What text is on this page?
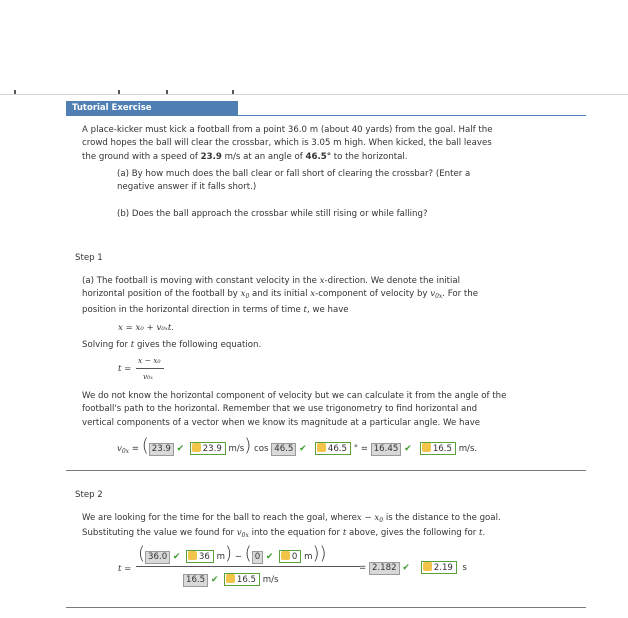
Tutorial Exercise
A place-kicker must kick a football from a point 36.0 m (about 40 yards) from the goal. Half the
crowd hopes the ball will clear the crossbar, which is 3.05 m high. When kicked, the ball leaves
the ground with a speed of 23.9 m/s at an angle of 46.5° to the horizontal.
(a) By how much does the ball clear or fall short of clearing the crossbar? (Enter a
negative answer if it falls short.)
(b) Does the ball approach the crossbar while still rising or while falling?
Step 1
(a) The football is moving with constant velocity in the x-direction. We denote the initial
horizontal position of the football by $x_0$ and its initial x-component of velocity by $v_{0x}$. For the
position in the horizontal direction in terms of time t, we have
x = x₀ + v₀ₓt.
Solving for t gives the following equation.
t =
x − x₀
v₀ₓ
We do not know the horizontal component of velocity but we can calculate it from the angle of the
football's path to the horizontal. Remember that we use trigonometry to find horizontal and
vertical components of a vector when we know its magnitude at a particular angle. We have
$v_{0x}$ = ( 23.9 ✔ 23.9 m/s) cos 46.5 ✔ 46.5 ° = 16.45 ✔ 16.5 m/s.
Step 2
We are looking for the time for the ball to reach the goal, wherex − $x_0$ is the distance to the goal.
Substituting the value we found for $v_{0x}$ into the equation for t above, gives the following for t.
t =
( 36.0 ✔ 36 m) − ( 0 ✔ 0 m))
16.5 ✔ 16.5 m/s
= 2.182 ✔	2.19 s
